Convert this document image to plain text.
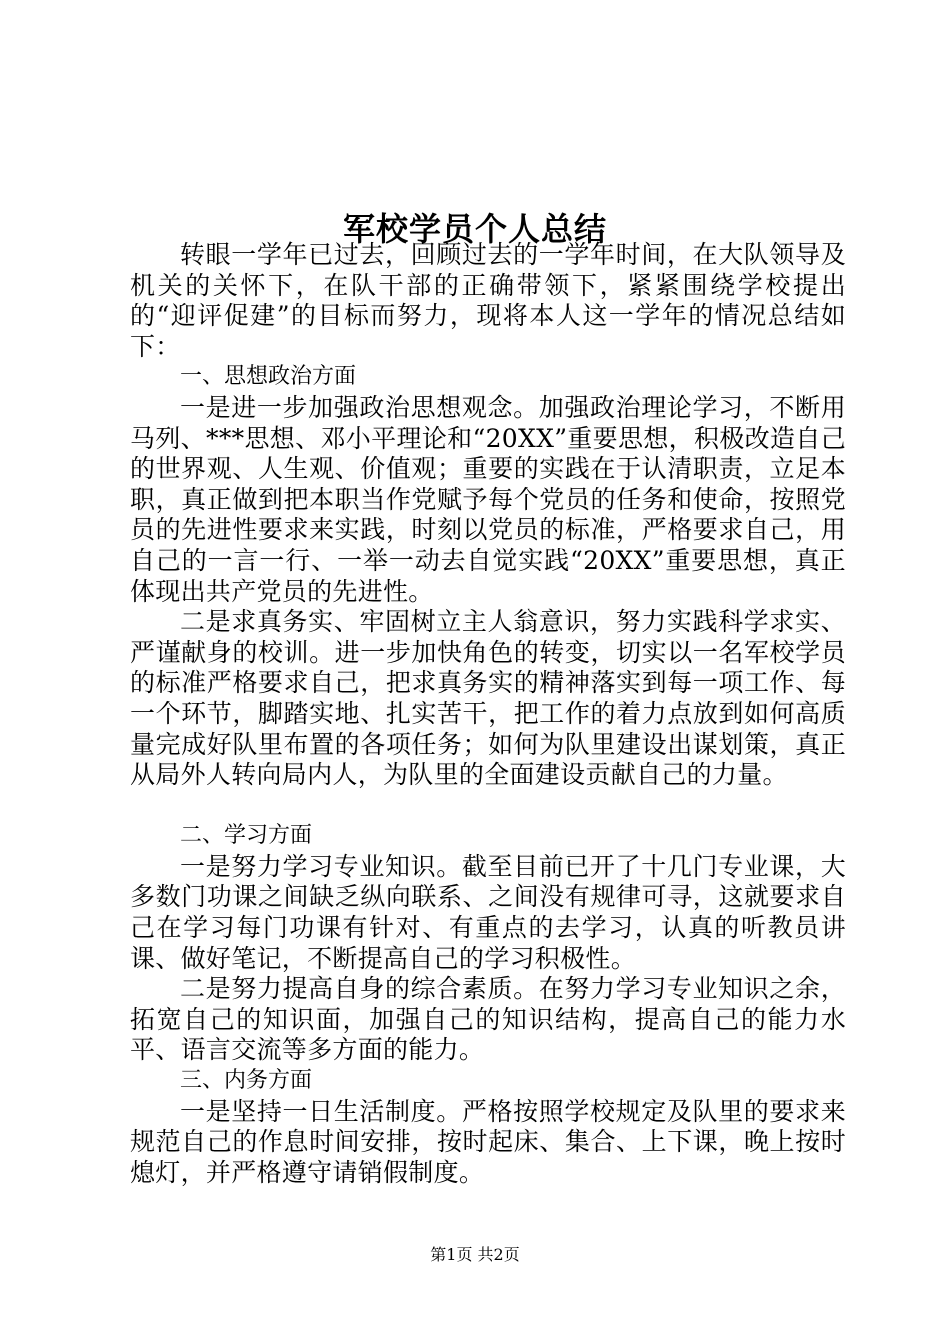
军校学员个人总结

转眼一学年已过去，回顾过去的一学年时间，在大队领导及机关的关怀下，在队干部的正确带领下，紧紧围绕学校提出的“迎评促建”的目标而努力，现将本人这一学年的情况总结如下：

一、思想政治方面

一是进一步加强政治思想观念。加强政治理论学习，不断用马列、***思想、邓小平理论和“20XX”重要思想，积极改造自己的世界观、人生观、价值观；重要的实践在于认清职责，立足本职，真正做到把本职当作党赋予每个党员的任务和使命，按照党员的先进性要求来实践，时刻以党员的标准，严格要求自己，用自己的一言一行、一举一动去自觉实践“20XX”重要思想，真正体现出共产党员的先进性。

二是求真务实、牢固树立主人翁意识，努力实践科学求实、严谨献身的校训。进一步加快角色的转变，切实以一名军校学员的标准严格要求自己，把求真务实的精神落实到每一项工作、每一个环节，脚踏实地、扎实苦干，把工作的着力点放到如何高质量完成好队里布置的各项任务；如何为队里建设出谋划策，真正从局外人转向局内人，为队里的全面建设贡献自己的力量。

二、学习方面

一是努力学习专业知识。截至目前已开了十几门专业课，大多数门功课之间缺乏纵向联系、之间没有规律可寻，这就要求自己在学习每门功课有针对、有重点的去学习，认真的听教员讲课、做好笔记，不断提高自己的学习积极性。

二是努力提高自身的综合素质。在努力学习专业知识之余，拓宽自己的知识面，加强自己的知识结构，提高自己的能力水平、语言交流等多方面的能力。

三、内务方面

一是坚持一日生活制度。严格按照学校规定及队里的要求来规范自己的作息时间安排，按时起床、集合、上下课，晚上按时熄灯，并严格遵守请销假制度。

第1页 共2页
